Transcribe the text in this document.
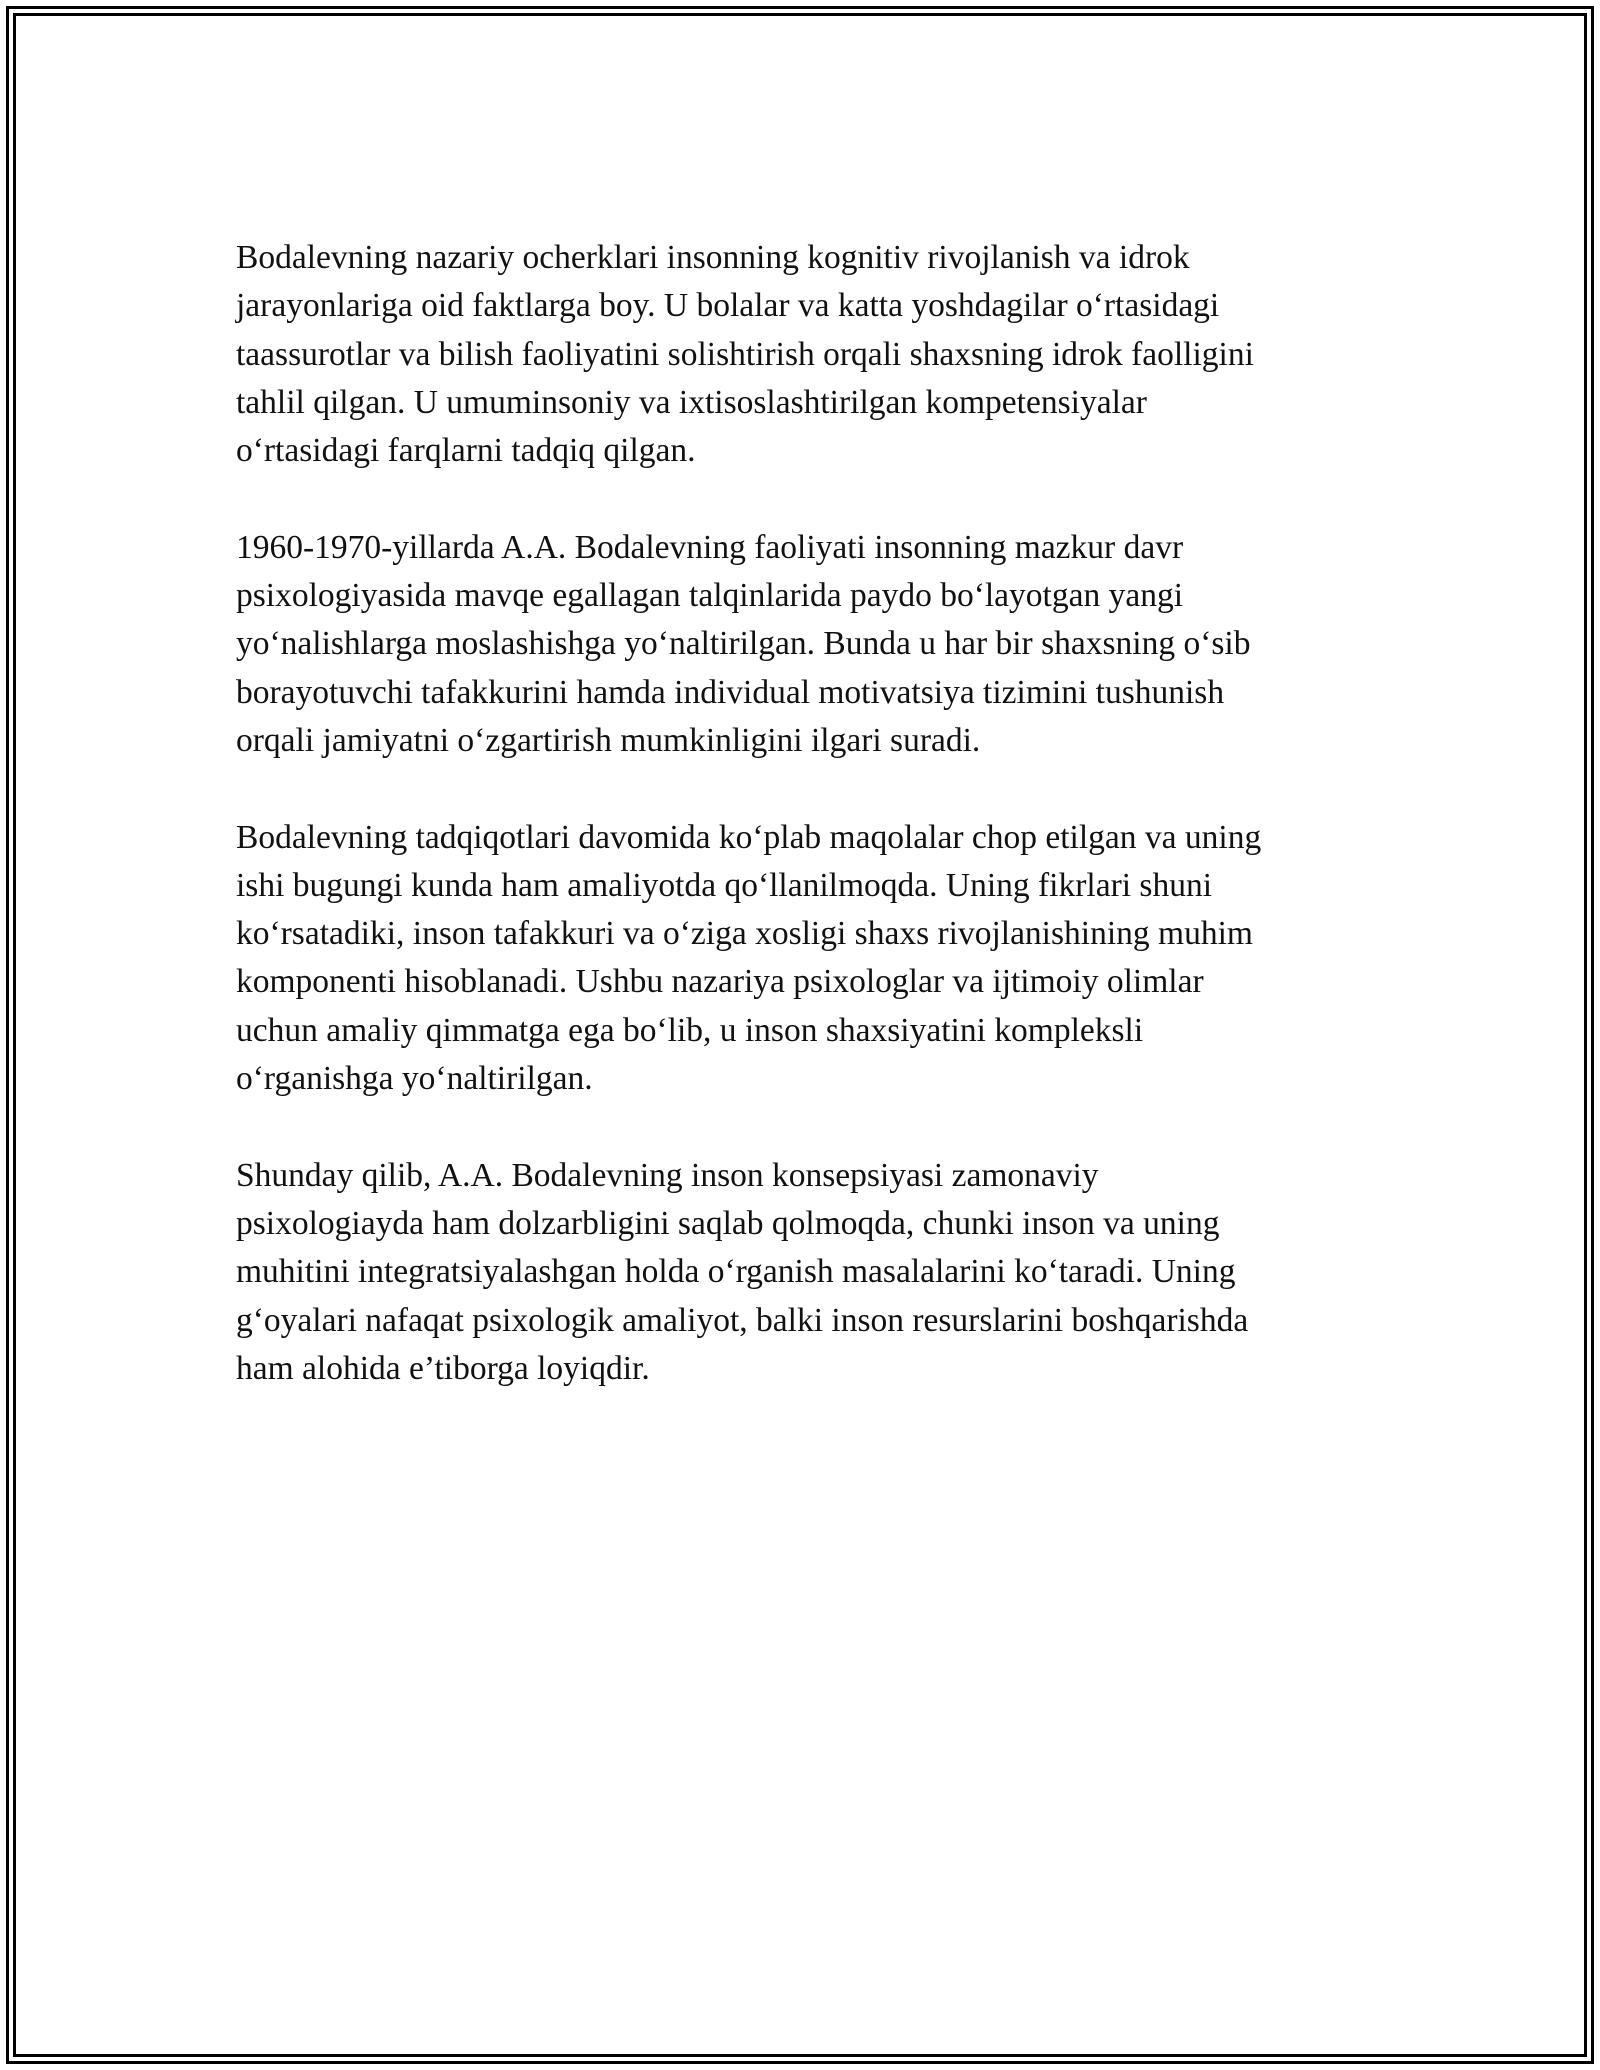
Bodalevning nazariy ocherklari insonning kognitiv rivojlanish va idrok
jarayonlariga oid faktlarga boy. U bolalar va katta yoshdagilar o‘rtasidagi
taassurotlar va bilish faoliyatini solishtirish orqali shaxsning idrok faolligini
tahlil qilgan. U umuminsoniy va ixtisoslashtirilgan kompetensiyalar
o‘rtasidagi farqlarni tadqiq qilgan.

1960-1970-yillarda A.A. Bodalevning faoliyati insonning mazkur davr
psixologiyasida mavqe egallagan talqinlarida paydo bo‘layotgan yangi
yo‘nalishlarga moslashishga yo‘naltirilgan. Bunda u har bir shaxsning o‘sib
borayotuvchi tafakkurini hamda individual motivatsiya tizimini tushunish
orqali jamiyatni o‘zgartirish mumkinligini ilgari suradi.

Bodalevning tadqiqotlari davomida ko‘plab maqolalar chop etilgan va uning
ishi bugungi kunda ham amaliyotda qo‘llanilmoqda. Uning fikrlari shuni
ko‘rsatadiki, inson tafakkuri va o‘ziga xosligi shaxs rivojlanishining muhim
komponenti hisoblanadi. Ushbu nazariya psixologlar va ijtimoiy olimlar
uchun amaliy qimmatga ega bo‘lib, u inson shaxsiyatini kompleksli
o‘rganishga yo‘naltirilgan.

Shunday qilib, A.A. Bodalevning inson konsepsiyasi zamonaviy
psixologiayda ham dolzarbligini saqlab qolmoqda, chunki inson va uning
muhitini integratsiyalashgan holda o‘rganish masalalarini ko‘taradi. Uning
g‘oyalari nafaqat psixologik amaliyot, balki inson resurslarini boshqarishda
ham alohida e’tiborga loyiqdir.
